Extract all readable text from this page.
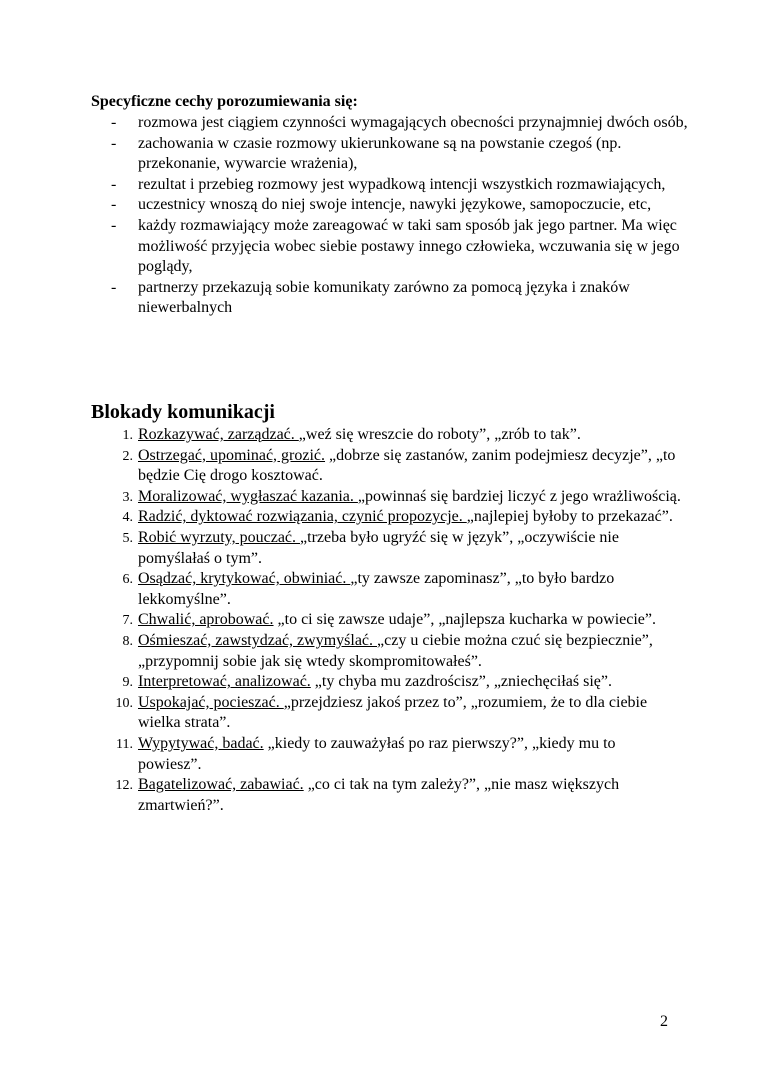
Specyficzne cechy porozumiewania się:
- rozmowa jest ciągiem czynności wymagających obecności przynajmniej dwóch osób,
- zachowania w czasie rozmowy ukierunkowane są na powstanie czegoś (np. przekonanie, wywarcie wrażenia),
- rezultat i przebieg rozmowy jest wypadkową intencji wszystkich rozmawiających,
- uczestnicy wnoszą do niej swoje intencje, nawyki językowe, samopoczucie, etc,
- każdy rozmawiający może zareagować w taki sam sposób jak jego partner. Ma więc możliwość przyjęcia wobec siebie postawy innego człowieka, wczuwania się w jego poglądy,
- partnerzy przekazują sobie komunikaty zarówno za pomocą języka i znaków niewerbalnych
Blokady komunikacji
1. Rozkazywać, zarządzać. „weź się wreszcie do roboty”, „zrób to tak”.
2. Ostrzegać, upominać, grozić. „dobrze się zastanów, zanim podejmiesz decyzje”, „to będzie Cię drogo kosztować.
3. Moralizować, wygłaszać kazania. „powinnaś się bardziej liczyć z jego wrażliwością.
4. Radzić, dyktować rozwiązania, czynić propozycje. „najlepiej byłoby to przekazać”.
5. Robić wyrzuty, pouczać. „trzeba było ugryźć się w język”, „oczywiście nie pomyślałaś o tym”.
6. Osądzać, krytykować, obwiniać. „ty zawsze zapominasz”, „to było bardzo lekkomyślne”.
7. Chwalić, aprobować. „to ci się zawsze udaje”, „najlepsza kucharka w powiecie”.
8. Ośmieszać, zawstydzać, zwymyślać. „czy u ciebie można czuć się bezpiecznie”, „przypomnij sobie jak się wtedy skompromitowałeś”.
9. Interpretować, analizować. „ty chyba mu zazdrościsz”, „zniechęciłaś się”.
10. Uspokajać, pocieszać. „przejdziesz jakoś przez to”, „rozumiem, że to dla ciebie wielka strata”.
11. Wypytywać, badać. „kiedy to zauważyłaś po raz pierwszy?”, „kiedy mu to powiesz”.
12. Bagatelizować, zabawiać. „co ci tak na tym zależy?”, „nie masz większych zmartwień?”.
2
